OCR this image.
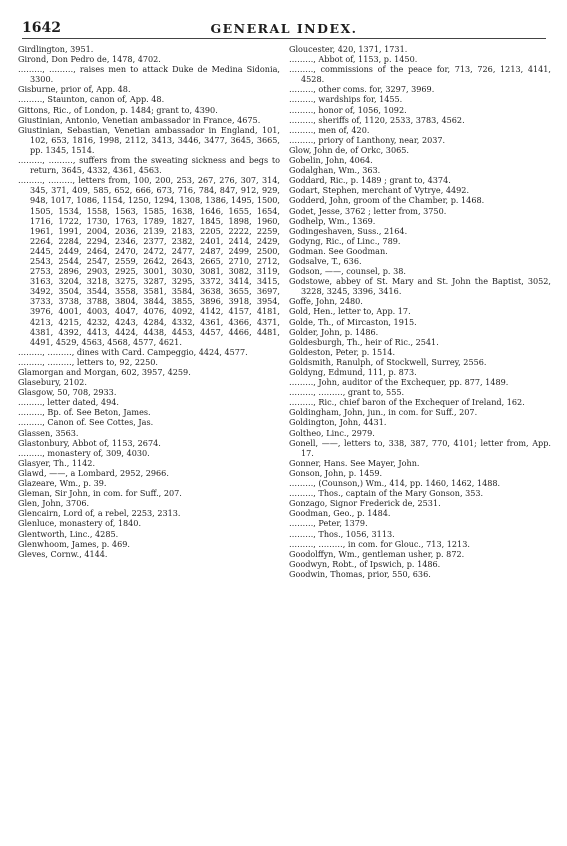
1642	GENERAL INDEX.

Girdlington, 3951.

Girond, Don Pedro de, 1478, 4702.

………, ………, raises men to attack Duke de Medina Sidonia, 3300.

Gisburne, prior of, App. 48.

………, Staunton, canon of, App. 48.

Gittons, Ric., of London, p. 1484; grant to, 4390.

Giustinian, Antonio, Venetian ambassador in France, 4675.

Giustinian, Sebastian, Venetian ambassador in England, 101, 102, 653, 1816, 1998, 2112, 3413, 3446, 3477, 3645, 3665, pp. 1345, 1514.

………, ………, suffers from the sweating sickness and begs to return, 3645, 4332, 4361, 4563.

………, ………, letters from, 100, 200, 253, 267, 276, 307, 314, 345, 371, 409, 585, 652, 666, 673, 716, 784, 847, 912, 929, 948, 1017, 1086, 1154, 1250, 1294, 1308, 1386, 1495, 1500, 1505, 1534, 1558, 1563, 1585, 1638, 1646, 1655, 1654, 1716, 1722, 1730, 1763, 1789, 1827, 1845, 1898, 1960, 1961, 1991, 2004, 2036, 2139, 2183, 2205, 2222, 2259, 2264, 2284, 2294, 2346, 2377, 2382, 2401, 2414, 2429, 2445, 2449, 2464, 2470, 2472, 2477, 2487, 2499, 2500, 2543, 2544, 2547, 2559, 2642, 2643, 2665, 2710, 2712, 2753, 2896, 2903, 2925, 3001, 3030, 3081, 3082, 3119, 3163, 3204, 3218, 3275, 3287, 3295, 3372, 3414, 3415, 3492, 3504, 3544, 3558, 3581, 3584, 3638, 3655, 3697, 3733, 3738, 3788, 3804, 3844, 3855, 3896, 3918, 3954, 3976, 4001, 4003, 4047, 4076, 4092, 4142, 4157, 4181, 4213, 4215, 4232, 4243, 4284, 4332, 4361, 4366, 4371, 4381, 4392, 4413, 4424, 4438, 4453, 4457, 4466, 4481, 4491, 4529, 4563, 4568, 4577, 4621.

………, ………, dines with Card. Campeggio, 4424, 4577.

………, ………, letters to, 92, 2250.

Glamorgan and Morgan, 602, 3957, 4259.

Glasebury, 2102.

Glasgow, 50, 708, 2933.

………, letter dated, 494.

………, Bp. of. See Beton, James.

………, Canon of. See Cottes, Jas.

Glassen, 3563.

Glastonbury, Abbot of, 1153, 2674.

………, monastery of, 309, 4030.

Glasyer, Th., 1142.

Glawd, ——, a Lombard, 2952, 2966.

Glazeare, Wm., p. 39.

Gleman, Sir John, in com. for Suff., 207.

Glen, John, 3706.

Glencairn, Lord of, a rebel, 2253, 2313.

Glenluce, monastery of, 1840.

Glentworth, Linc., 4285.

Glenwhoom, James, p. 469.

Gleves, Cornw., 4144.

Gloucester, 420, 1371, 1731.

………, Abbot of, 1153, p. 1450.

………, commissions of the peace for, 713, 726, 1213, 4141, 4528.

………, other coms. for, 3297, 3969.

………, wardships for, 1455.

………, honor of, 1056, 1092.

………, sheriffs of, 1120, 2533, 3783, 4562.

………, men of, 420.

………, priory of Lanthony, near, 2037.

Glow, John de, of Orkc, 3065.

Gobelin, John, 4064.

Godalghan, Wm., 363.

Goddard, Ric., p. 1489 ; grant to, 4374.

Godart, Stephen, merchant of Vytrye, 4492.

Godderd, John, groom of the Chamber, p. 1468.

Godet, Jesse, 3762 ; letter from, 3750.

Godhelp, Wm., 1369.

Godingeshaven, Suss., 2164.

Godyng, Ric., of Linc., 789.

Godman. See Goodman.

Godsalve, T., 636.

Godson, ——, counsel, p. 38.

Godstowe, abbey of St. Mary and St. John the Baptist, 3052, 3228, 3245, 3396, 3416.

Goffe, John, 2480.

Gold, Hen., letter to, App. 17.

Golde, Th., of Mircaston, 1915.

Golder, John, p. 1486.

Goldesburgh, Th., heir of Ric., 2541.

Goldeston, Peter, p. 1514.

Goldsmith, Ranulph, of Stockwell, Surrey, 2556.

Goldyng, Edmund, 111, p. 873.

………, John, auditor of the Exchequer, pp. 877, 1489.

………, ………, grant to, 555.

………, Ric., chief baron of the Exchequer of Ireland, 162.

Goldingham, John, jun., in com. for Suff., 207.

Goldington, John, 4431.

Goltheo, Linc., 2979.

Gonell, ——, letters to, 338, 387, 770, 4101; letter from, App. 17.

Gonner, Hans. See Mayer, John.

Gonson, John, p. 1459.

………, (Counson,) Wm., 414, pp. 1460, 1462, 1488.

………, Thos., captain of the Mary Gonson, 353.

Gonzago, Signor Frederick de, 2531.

Goodman, Geo., p. 1484.

………, Peter, 1379.

………, Thos., 1056, 3113.

………, ………, in com. for Glouc., 713, 1213.

Goodolffyn, Wm., gentleman usher, p. 872.

Goodwyn, Robt., of Ipswich, p. 1486.

Goodwin, Thomas, prior, 550, 636.
